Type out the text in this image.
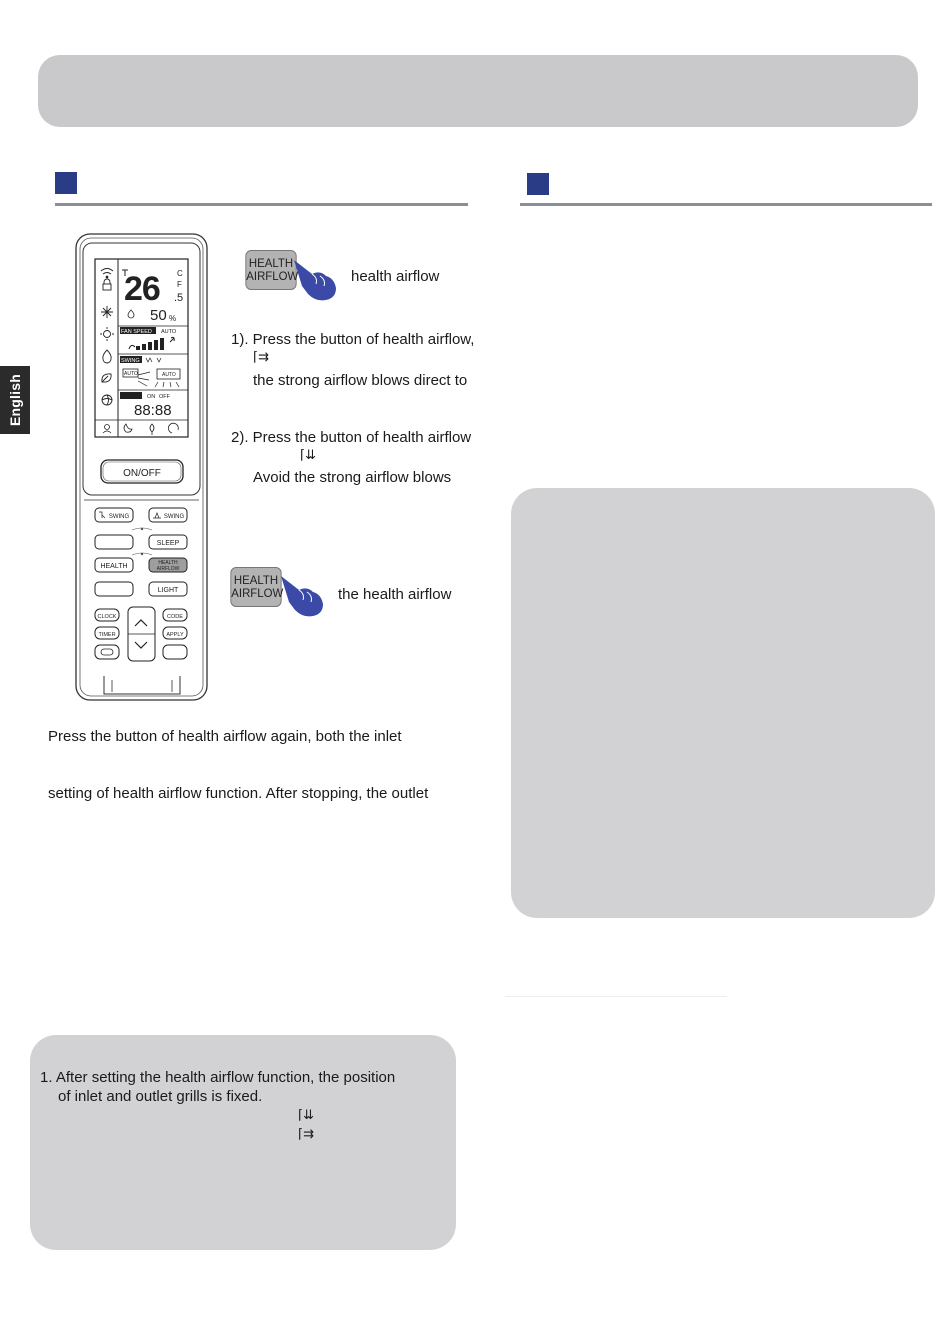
English
26 .5
C
F
50 %
FAN SPEED AUTO
SWING
AUTO	AUTO
ON OFF
88:88
ON/OFF
SWING	SWING
SLEEP
HEALTH	HEALTH
AIRFLOW
LIGHT
CLOCK	CODE
TIMER	APPLY
HEALTH
AIRFLOW	health airflow
1). Press the button of health airflow,
⌈⇉
the strong airflow blows direct to
2). Press the button of health airflow
⌈⇊
Avoid the strong airflow blows
HEALTH
AIRFLOW	the health airflow
Press the button of health airflow again, both the inlet
setting of health airflow function. After stopping, the outlet
1. After setting the health airflow function, the position
of inlet and outlet grills is fixed.
⌈⇊
⌈⇉
